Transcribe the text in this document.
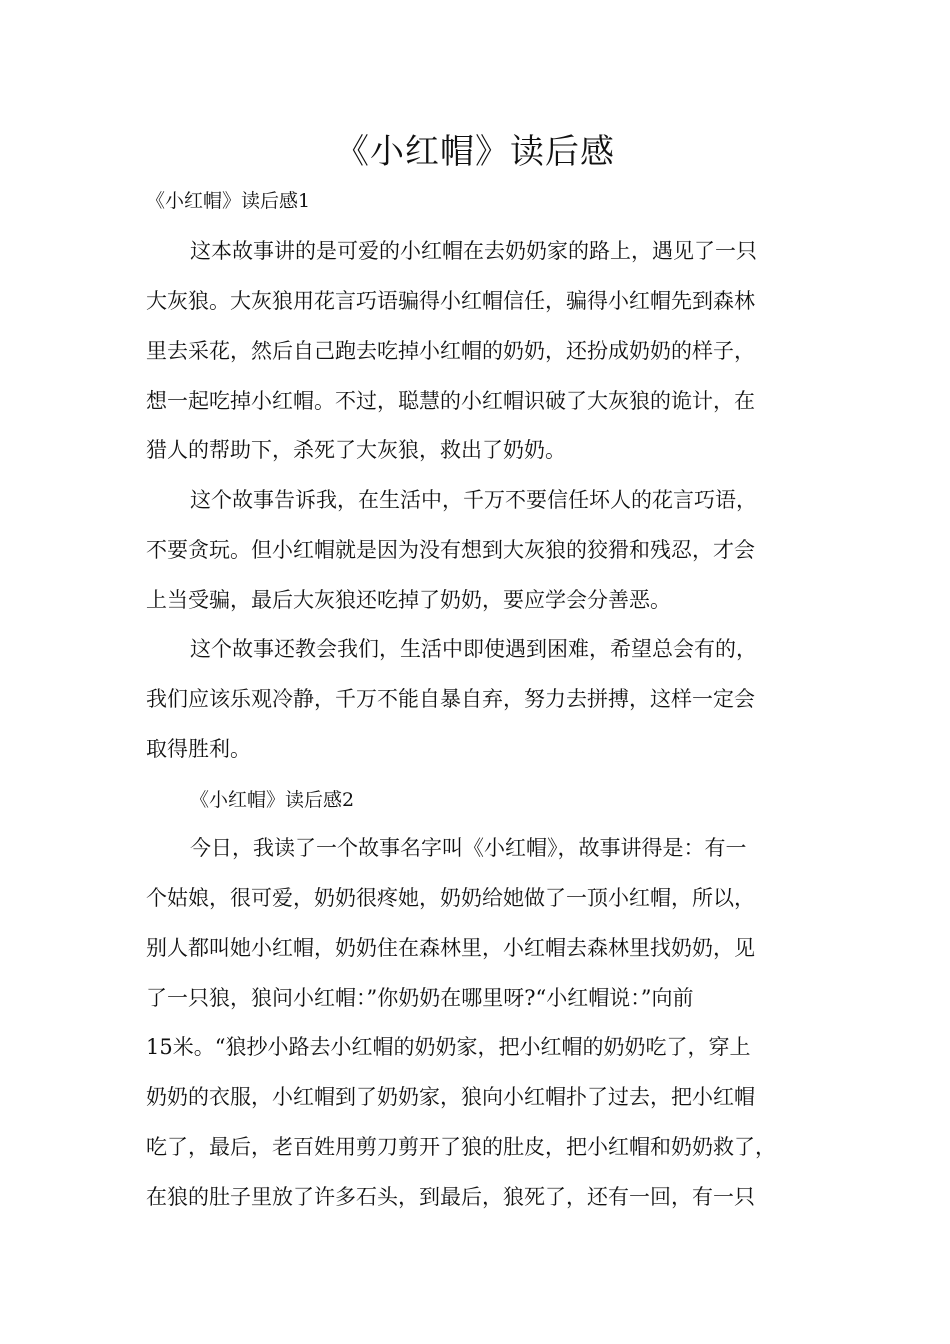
《小红帽》读后感
《小红帽》读后感1
这本故事讲的是可爱的小红帽在去奶奶家的路上，遇见了一只
大灰狼。大灰狼用花言巧语骗得小红帽信任，骗得小红帽先到森林
里去采花，然后自己跑去吃掉小红帽的奶奶，还扮成奶奶的样子，
想一起吃掉小红帽。不过，聪慧的小红帽识破了大灰狼的诡计，在
猎人的帮助下，杀死了大灰狼，救出了奶奶。
这个故事告诉我，在生活中，千万不要信任坏人的花言巧语，
不要贪玩。但小红帽就是因为没有想到大灰狼的狡猾和残忍，才会
上当受骗，最后大灰狼还吃掉了奶奶，要应学会分善恶。
这个故事还教会我们，生活中即使遇到困难，希望总会有的，
我们应该乐观冷静，千万不能自暴自弃，努力去拼搏，这样一定会
取得胜利。
《小红帽》读后感2
今日，我读了一个故事名字叫《小红帽》，故事讲得是：有一
个姑娘，很可爱，奶奶很疼她，奶奶给她做了一顶小红帽，所以，
别人都叫她小红帽，奶奶住在森林里，小红帽去森林里找奶奶，见
了一只狼，狼问小红帽：”你奶奶在哪里呀?“小红帽说：”向前
15米。“狼抄小路去小红帽的奶奶家，把小红帽的奶奶吃了，穿上
奶奶的衣服，小红帽到了奶奶家，狼向小红帽扑了过去，把小红帽
吃了，最后，老百姓用剪刀剪开了狼的肚皮，把小红帽和奶奶救了，
在狼的肚子里放了许多石头，到最后，狼死了，还有一回，有一只
